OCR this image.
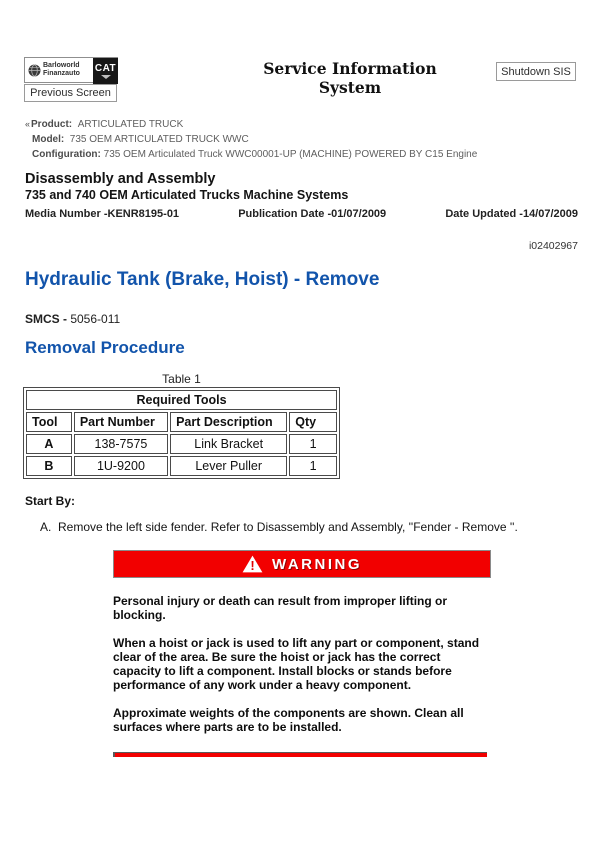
Barloworld
Finanzauto CAT	Service Information System
Shutdown SIS
Previous Screen
«Product: ARTICULATED TRUCK
Model: 735 OEM ARTICULATED TRUCK WWC
Configuration: 735 OEM Articulated Truck WWC00001-UP (MACHINE) POWERED BY C15 Engine
Disassembly and Assembly
735 and 740 OEM Articulated Trucks Machine Systems
Media Number -KENR8195-01	Publication Date -01/07/2009	Date Updated -14/07/2009
i02402967
Hydraulic Tank (Brake, Hoist) - Remove
SMCS - 5056-011
Removal Procedure
Table 1
Required Tools			
Tool	Part Number	Part Description	Qty
A	138-7575	Link Bracket	1
B	1U-9200	Lever Puller	1
Start By:
A. Remove the left side fender. Refer to Disassembly and Assembly, ''Fender - Remove ''.
! WARNING
Personal injury or death can result from improper lifting or blocking.
When a hoist or jack is used to lift any part or component, stand clear of the area. Be sure the hoist or jack has the correct capacity to lift a component. Install blocks or stands before performance of any work under a heavy component.
Approximate weights of the components are shown. Clean all surfaces where parts are to be installed.
